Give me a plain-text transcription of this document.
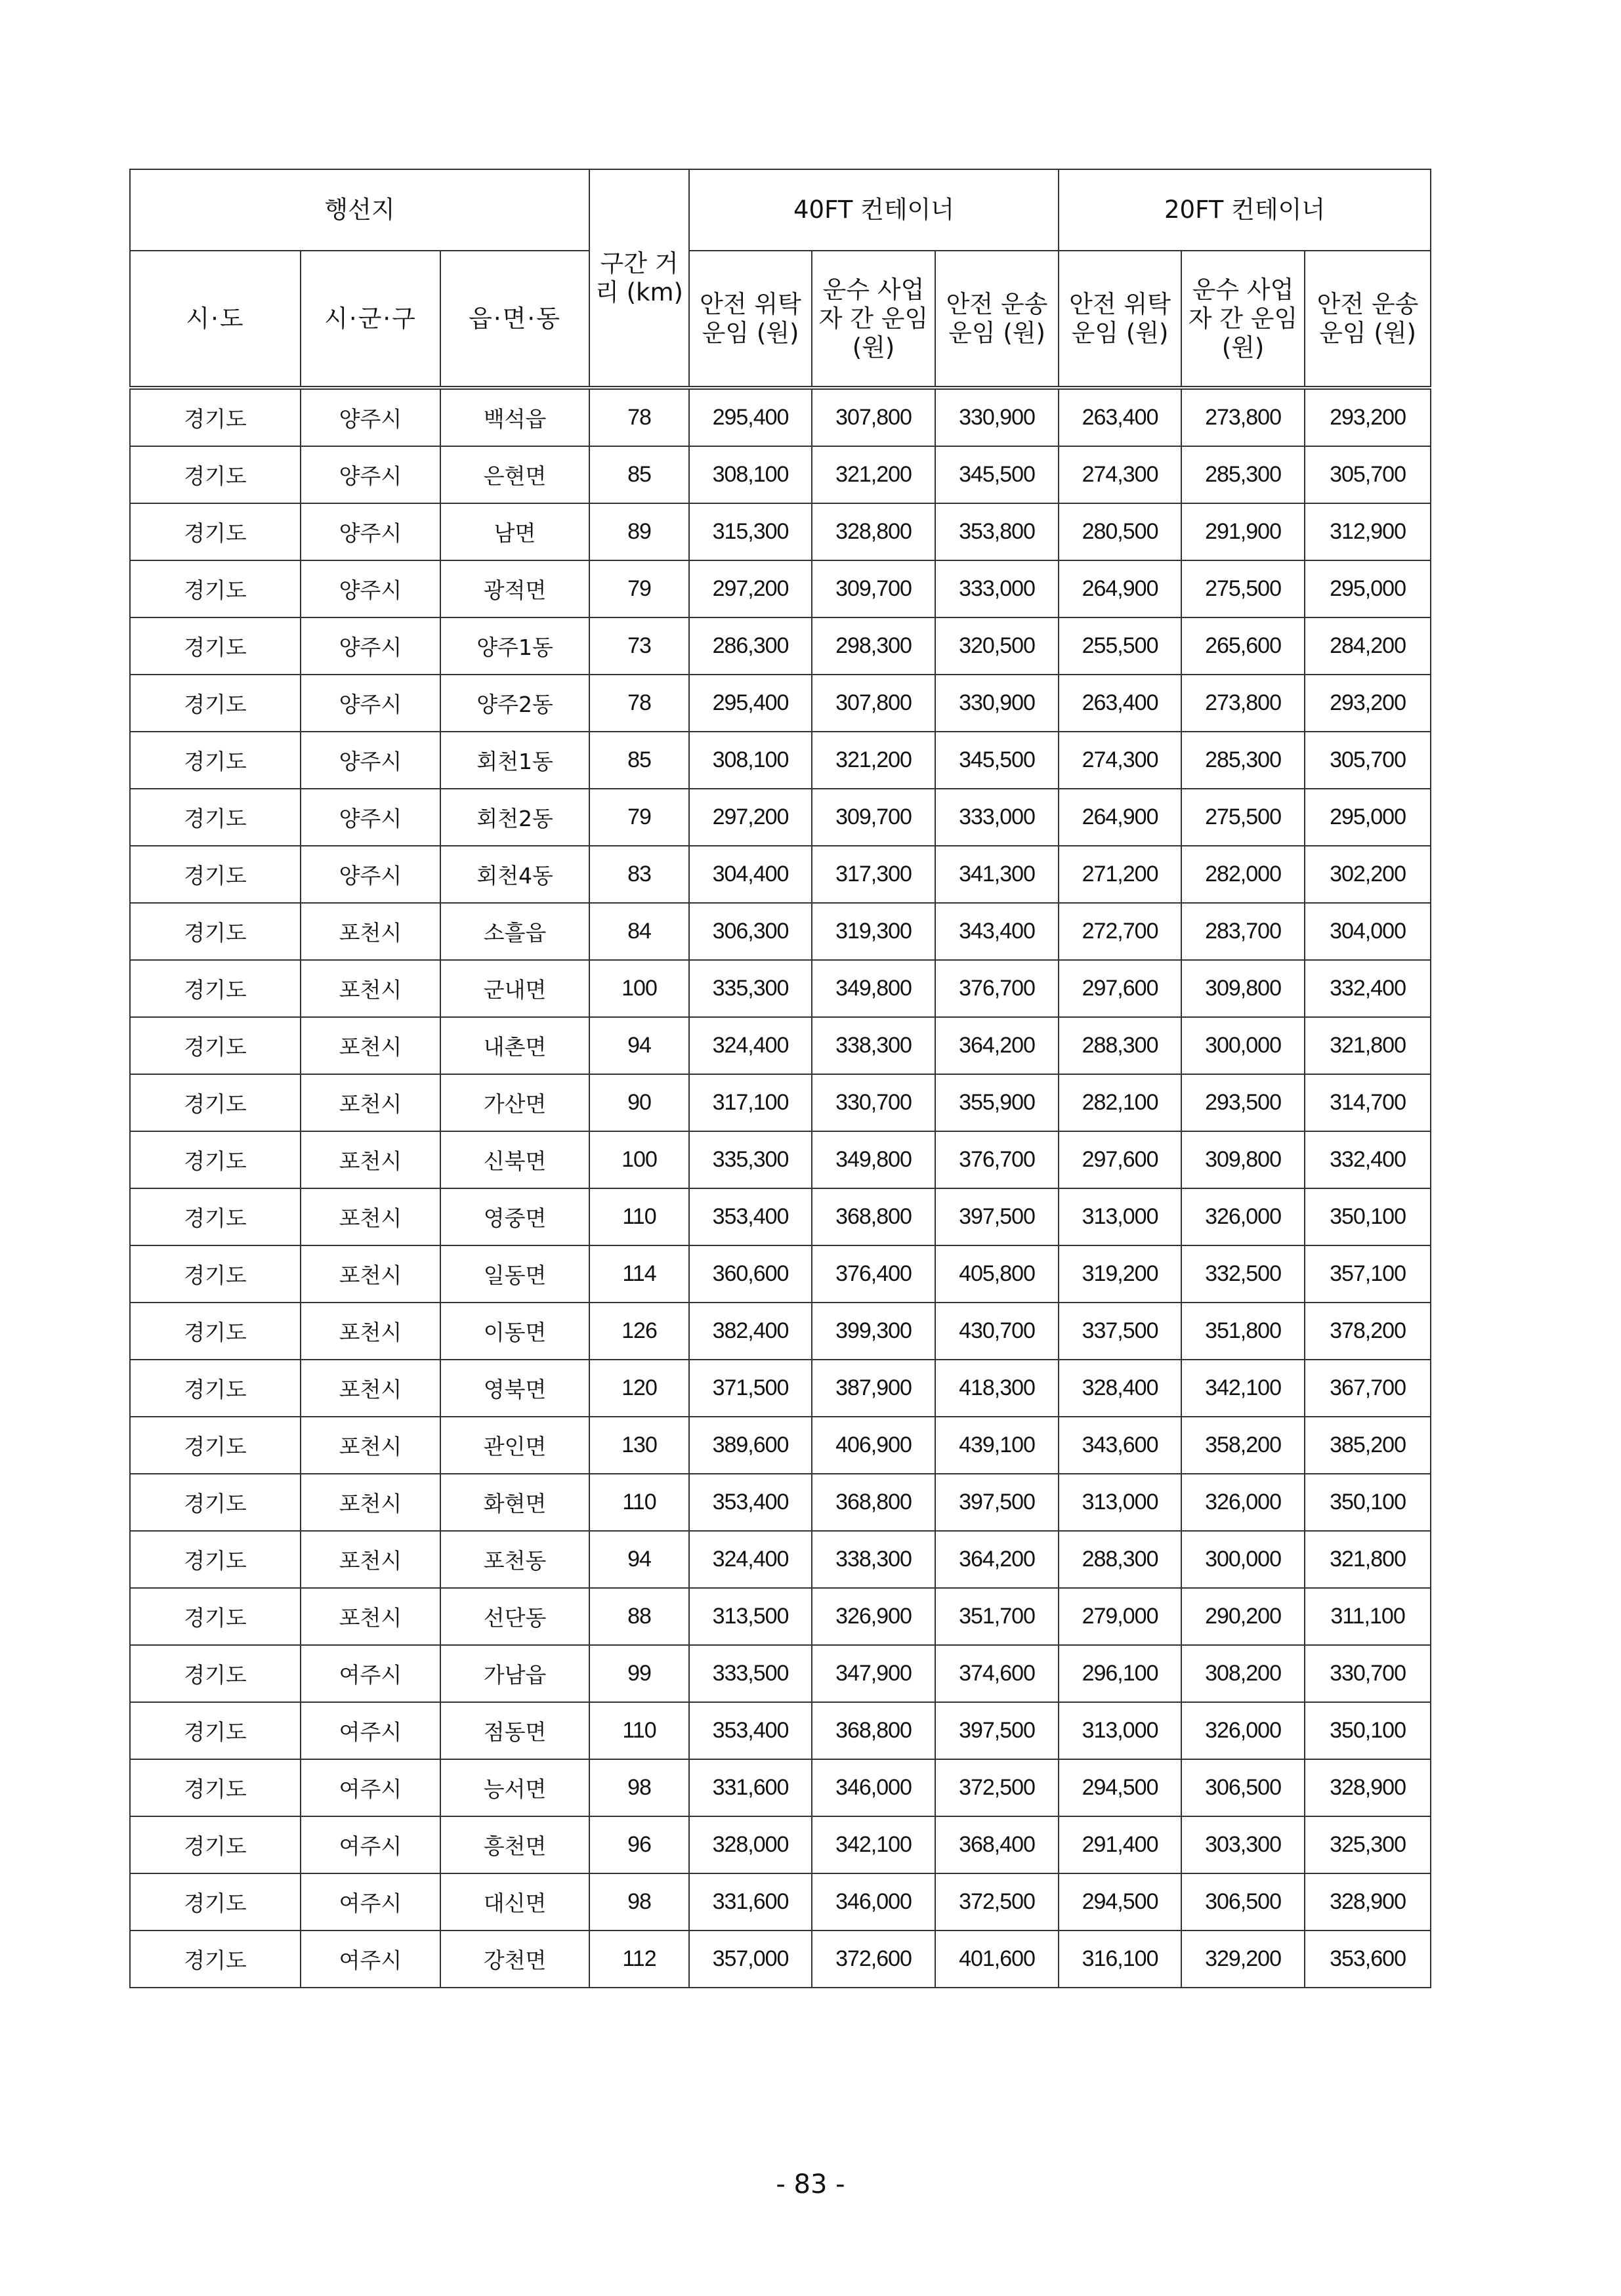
행선지			구간 거리 (km)	40FT 컨테이너			20FT 컨테이너		
시·도	시·군·구	읍·면·동		안전 위탁 운임 (원)	운수 사업자 간 운임 (원)	안전 운송 운임 (원)	안전 위탁 운임 (원)	운수 사업자 간 운임 (원)	안전 운송 운임 (원)
경기도	양주시	백석읍	78	295,400	307,800	330,900	263,400	273,800	293,200
경기도	양주시	은현면	85	308,100	321,200	345,500	274,300	285,300	305,700
경기도	양주시	남면	89	315,300	328,800	353,800	280,500	291,900	312,900
경기도	양주시	광적면	79	297,200	309,700	333,000	264,900	275,500	295,000
경기도	양주시	양주1동	73	286,300	298,300	320,500	255,500	265,600	284,200
경기도	양주시	양주2동	78	295,400	307,800	330,900	263,400	273,800	293,200
경기도	양주시	회천1동	85	308,100	321,200	345,500	274,300	285,300	305,700
경기도	양주시	회천2동	79	297,200	309,700	333,000	264,900	275,500	295,000
경기도	양주시	회천4동	83	304,400	317,300	341,300	271,200	282,000	302,200
경기도	포천시	소흘읍	84	306,300	319,300	343,400	272,700	283,700	304,000
경기도	포천시	군내면	100	335,300	349,800	376,700	297,600	309,800	332,400
경기도	포천시	내촌면	94	324,400	338,300	364,200	288,300	300,000	321,800
경기도	포천시	가산면	90	317,100	330,700	355,900	282,100	293,500	314,700
경기도	포천시	신북면	100	335,300	349,800	376,700	297,600	309,800	332,400
경기도	포천시	영중면	110	353,400	368,800	397,500	313,000	326,000	350,100
경기도	포천시	일동면	114	360,600	376,400	405,800	319,200	332,500	357,100
경기도	포천시	이동면	126	382,400	399,300	430,700	337,500	351,800	378,200
경기도	포천시	영북면	120	371,500	387,900	418,300	328,400	342,100	367,700
경기도	포천시	관인면	130	389,600	406,900	439,100	343,600	358,200	385,200
경기도	포천시	화현면	110	353,400	368,800	397,500	313,000	326,000	350,100
경기도	포천시	포천동	94	324,400	338,300	364,200	288,300	300,000	321,800
경기도	포천시	선단동	88	313,500	326,900	351,700	279,000	290,200	311,100
경기도	여주시	가남읍	99	333,500	347,900	374,600	296,100	308,200	330,700
경기도	여주시	점동면	110	353,400	368,800	397,500	313,000	326,000	350,100
경기도	여주시	능서면	98	331,600	346,000	372,500	294,500	306,500	328,900
경기도	여주시	흥천면	96	328,000	342,100	368,400	291,400	303,300	325,300
경기도	여주시	대신면	98	331,600	346,000	372,500	294,500	306,500	328,900
경기도	여주시	강천면	112	357,000	372,600	401,600	316,100	329,200	353,600
- 83 -
